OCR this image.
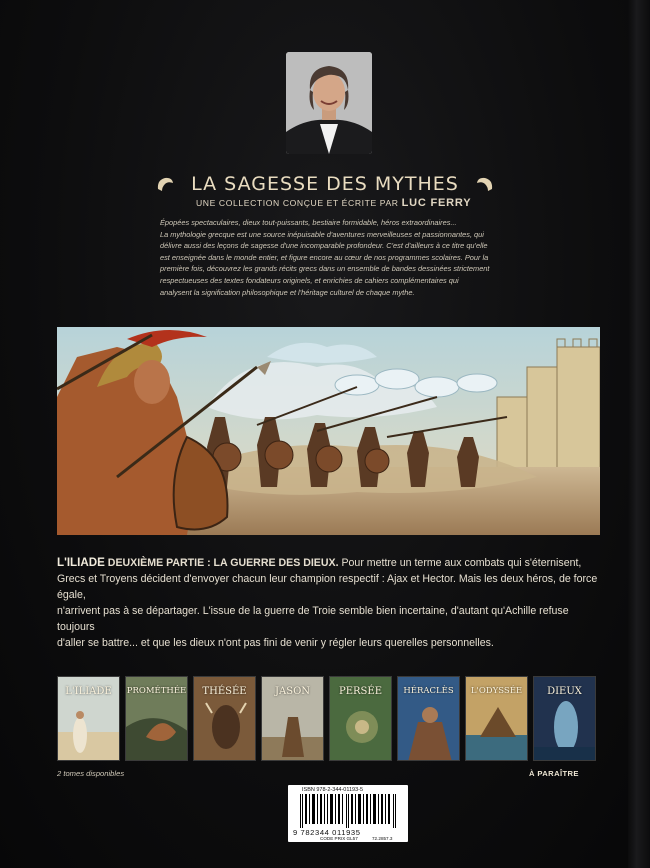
LA SAGESSE DES MYTHES
UNE COLLECTION CONÇUE ET ÉCRITE PAR LUC FERRY
Épopées spectaculaires, dieux tout-puissants, bestiaire formidable, héros extraordinaires...
La mythologie grecque est une source inépuisable d'aventures merveilleuses et passionnantes, qui
délivre aussi des leçons de sagesse d'une incomparable profondeur. C'est d'ailleurs à ce titre qu'elle
est enseignée dans le monde entier, et figure encore au cœur de nos programmes scolaires. Pour la
première fois, découvrez les grands récits grecs dans un ensemble de bandes dessinées strictement
respectueuses des textes fondateurs originels, et enrichies de cahiers complémentaires qui
analysent la signification philosophique et l'héritage culturel de chaque mythe.
L'ILIADE DEUXIÈME PARTIE : LA GUERRE DES DIEUX. Pour mettre un terme aux combats qui s'éternisent,
Grecs et Troyens décident d'envoyer chacun leur champion respectif : Ajax et Hector. Mais les deux héros, de force égale,
n'arrivent pas à se départager. L'issue de la guerre de Troie semble bien incertaine, d'autant qu'Achille refuse toujours
d'aller se battre... et que les dieux n'ont pas fini de venir y régler leurs querelles personnelles.
L'ILIADE	PROMÉTHÉE	THÉSÉE	JASON	PERSÉE	HÉRACLÈS	L'ODYSSÉE	DIEUX
2 tomes disponibles	À PARAÎTRE
ISBN 978-2-344-01193-5
9 782344 011935
CODE PRIX GL57	72.2857.3
